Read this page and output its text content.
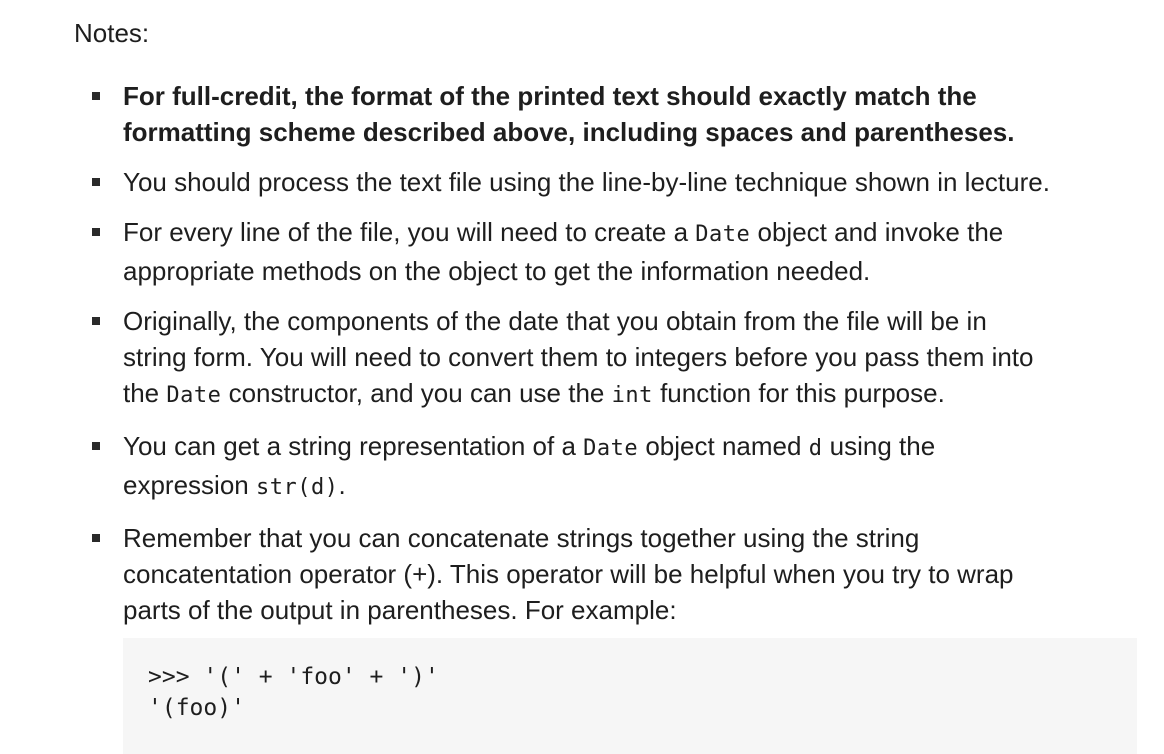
Notes:
For full-credit, the format of the printed text should exactly match the
formatting scheme described above, including spaces and parentheses.
You should process the text file using the line-by-line technique shown in lecture.
For every line of the file, you will need to create a Date object and invoke the
appropriate methods on the object to get the information needed.
Originally, the components of the date that you obtain from the file will be in
string form. You will need to convert them to integers before you pass them into
the Date constructor, and you can use the int function for this purpose.
You can get a string representation of a Date object named d using the
expression str(d).
Remember that you can concatenate strings together using the string
concatentation operator (+). This operator will be helpful when you try to wrap
parts of the output in parentheses. For example:
>>> '(' + 'foo' + ')'
'(foo)'
